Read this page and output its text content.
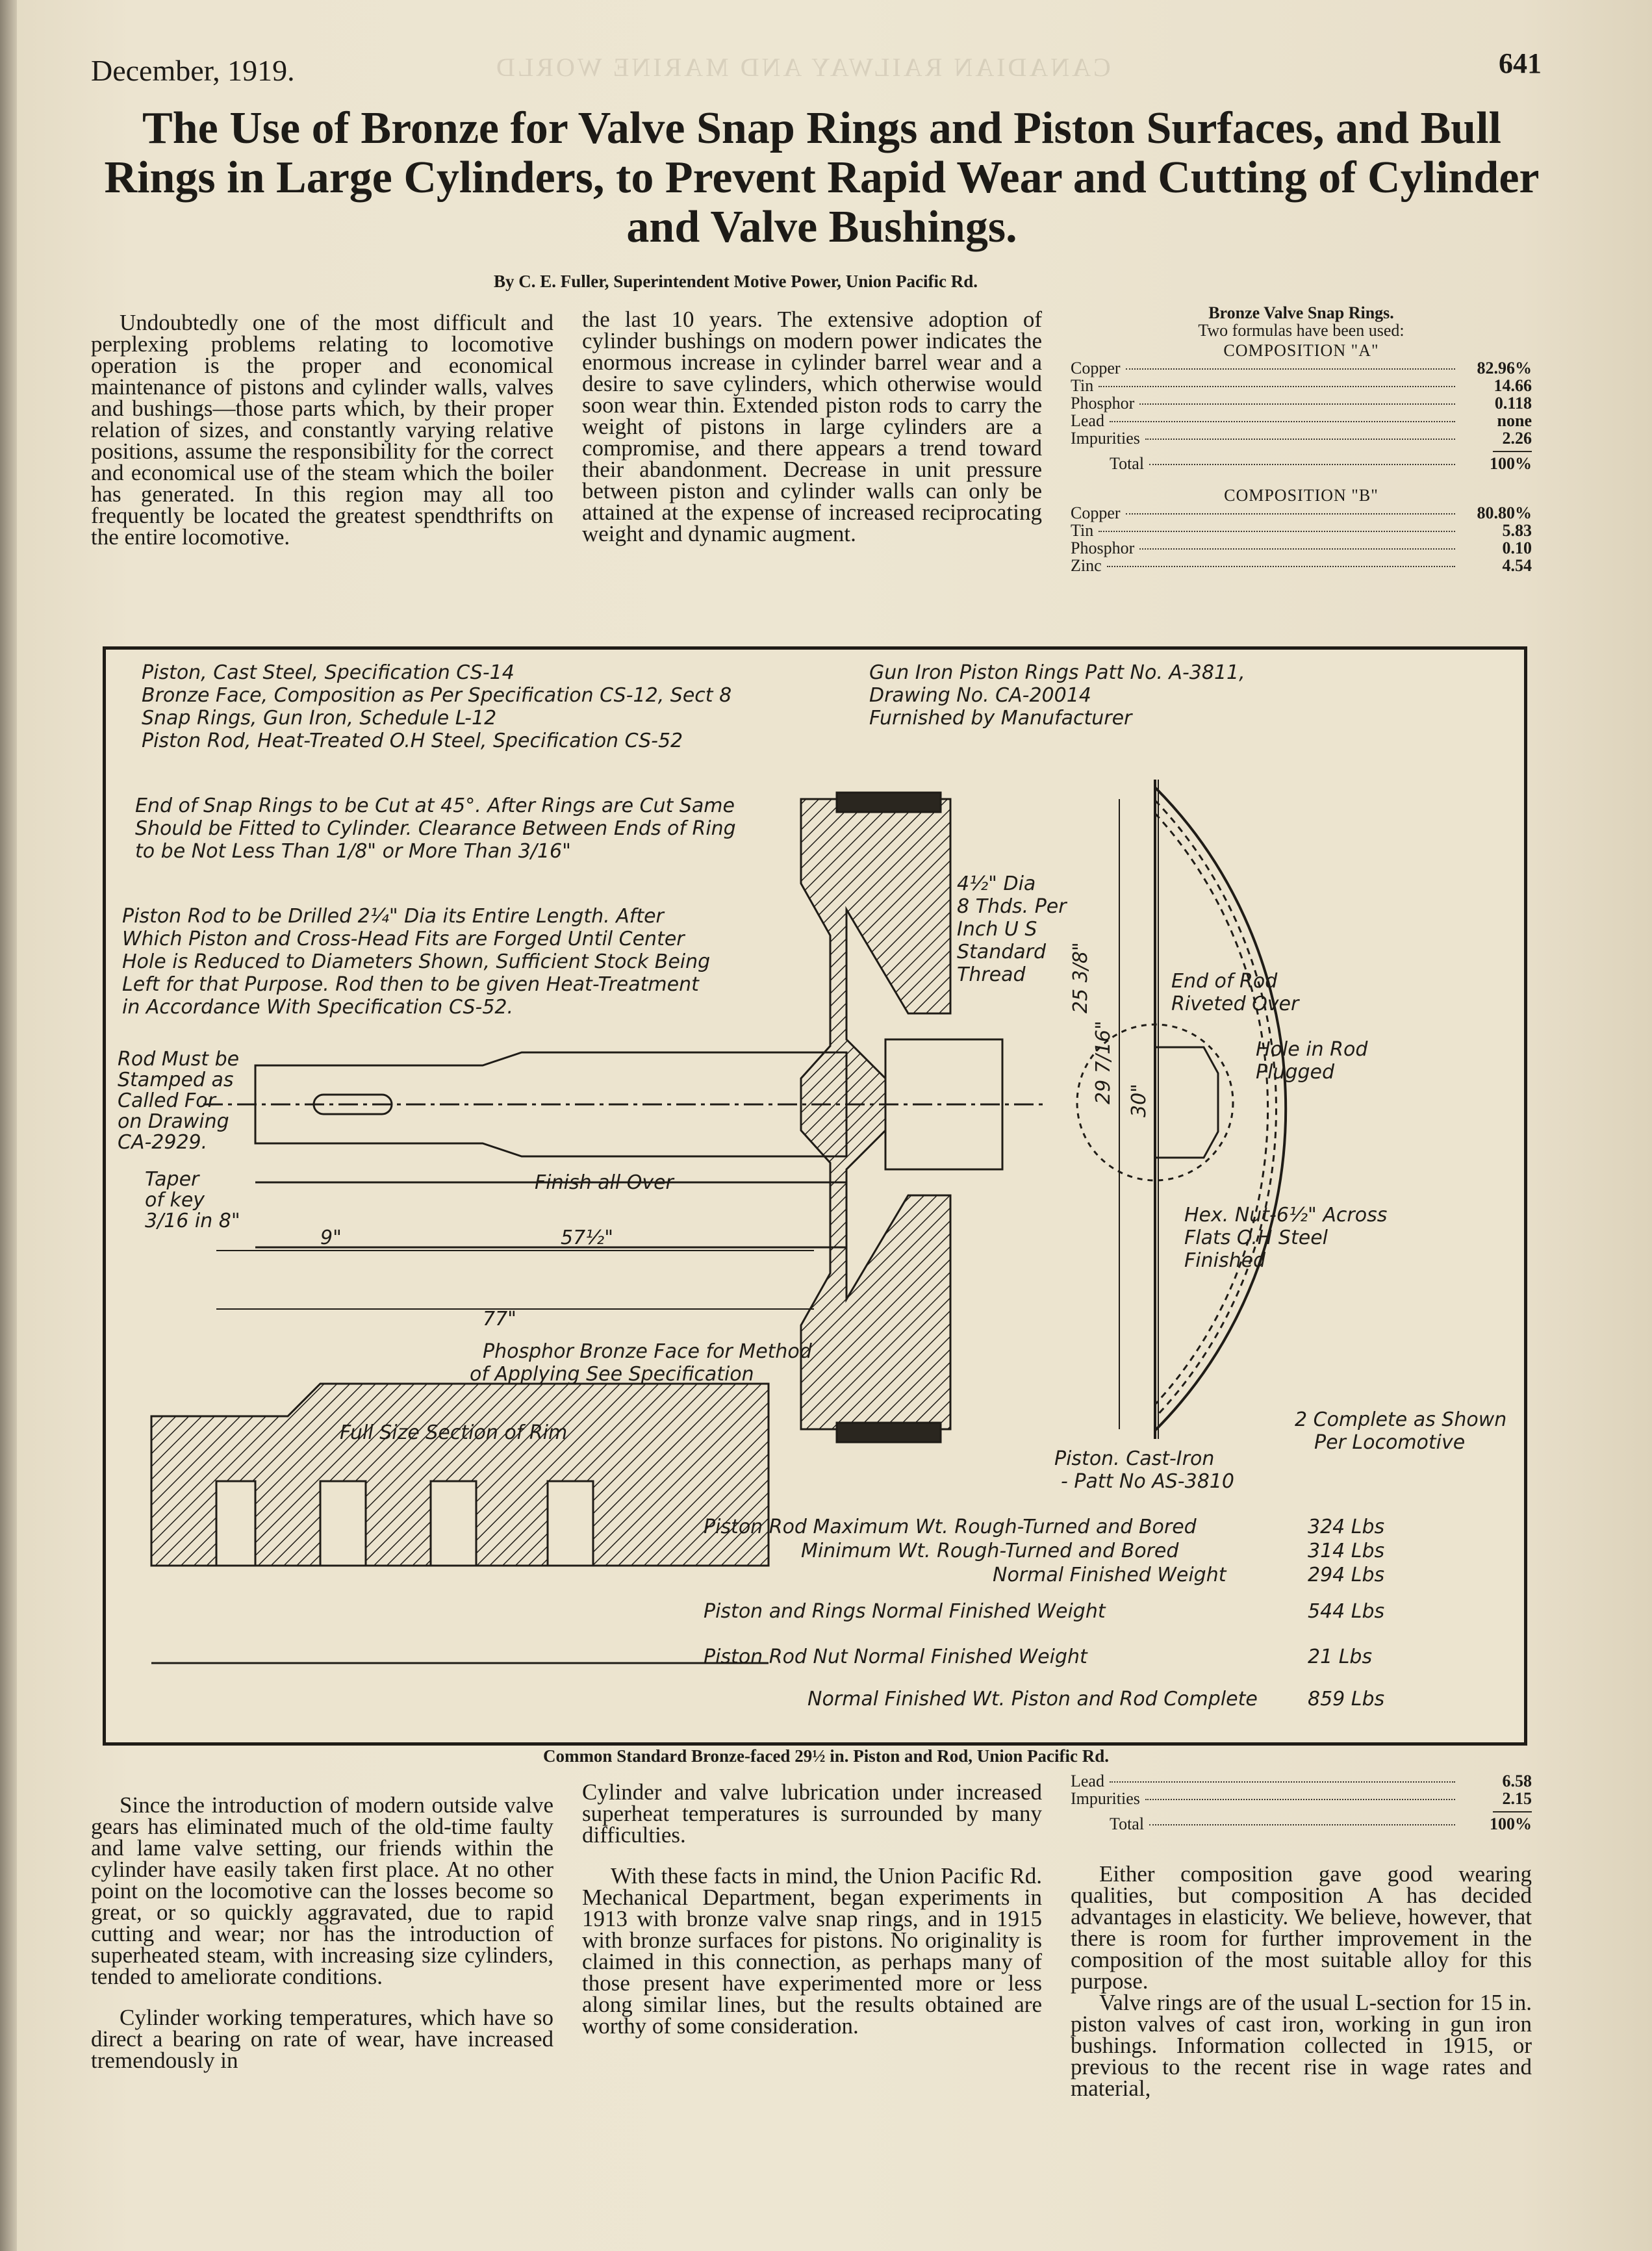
CANADIAN RAILWAY AND MARINE WORLD
December, 1919.	641
The Use of Bronze for Valve Snap Rings and Piston Surfaces, and Bull Rings in Large Cylinders, to Prevent Rapid Wear and Cutting of Cylinder and Valve Bushings.
By C. E. Fuller, Superintendent Motive Power, Union Pacific Rd.

Undoubtedly one of the most difficult and perplexing problems relating to locomotive operation is the proper and economical maintenance of pistons and cylinder walls, valves and bushings—those parts which, by their proper relation of sizes, and constantly varying relative positions, assume the responsibility for the correct and economical use of the steam which the boiler has generated. In this region may all too frequently be located the greatest spendthrifts on the entire locomotive.

the last 10 years. The extensive adoption of cylinder bushings on modern power indicates the enormous increase in cylinder barrel wear and a desire to save cylinders, which otherwise would soon wear thin. Extended piston rods to carry the weight of pistons in large cylinders are a compromise, and there appears a trend toward their abandonment. Decrease in unit pressure between piston and cylinder walls can only be attained at the expense of increased reciprocating weight and dynamic augment.

Bronze Valve Snap Rings.
Two formulas have been used:
COMPOSITION "A"
Copper	82.96%
Tin	14.66
Phosphor	0.118
Lead	none
Impurities	2.26
Total	100%
COMPOSITION "B"
Copper	80.80%
Tin	5.83
Phosphor	0.10
Zinc	4.54
Piston, Cast Steel, Specification CS-14
Bronze Face, Composition as Per Specification CS-12, Sect 8
Snap Rings, Gun Iron, Schedule L-12
Piston Rod, Heat-Treated O.H Steel, Specification CS-52
Gun Iron Piston Rings Patt No. A-3811,
Drawing No. CA-20014
Furnished by Manufacturer
End of Snap Rings to be Cut at 45°. After Rings are Cut Same
Should be Fitted to Cylinder. Clearance Between Ends of Ring
to be Not Less Than 1/8" or More Than 3/16"
Piston Rod to be Drilled 2¼" Dia its Entire Length. After
Which Piston and Cross-Head Fits are Forged Until Center
Hole is Reduced to Diameters Shown, Sufficient Stock Being
Left for that Purpose. Rod then to be given Heat-Treatment
in Accordance With Specification CS-52.
Rod Must be
Stamped as
Called For
on Drawing
CA-2929.
Taper
of key
3/16 in 8"
Finish all Over
4½" Dia
8 Thds. Per
Inch U S
Standard
Thread	End of Rod
Riveted Over
Hole in Rod
Plugged
Hex. Nut-6½" Across
Flats O.H Steel
Finished
Phosphor Bronze Face for Method
of Applying See Specification
Full Size Section of Rim
2 Complete as Shown
Per Locomotive
Piston. Cast-Iron
- Patt No AS-3810
77"
57½"
9"
30"
29 7/16"
25 3/8"
Piston Rod Maximum Wt. Rough-Turned and Bored	324 Lbs
Minimum Wt. Rough-Turned and Bored	314 Lbs
Normal Finished Weight	294 Lbs
Piston and Rings Normal Finished Weight	544 Lbs
Piston Rod Nut Normal Finished Weight	21 Lbs
Normal Finished Wt. Piston and Rod Complete	859 Lbs
Common Standard Bronze-faced 29½ in. Piston and Rod, Union Pacific Rd.

Since the introduction of modern outside valve gears has eliminated much of the old-time faulty and lame valve setting, our friends within the cylinder have easily taken first place. At no other point on the locomotive can the losses become so great, or so quickly aggravated, due to rapid cutting and wear; nor has the introduction of superheated steam, with increasing size cylinders, tended to ameliorate conditions.

Cylinder working temperatures, which have so direct a bearing on rate of wear, have increased tremendously in

Cylinder and valve lubrication under increased superheat temperatures is surrounded by many difficulties.

With these facts in mind, the Union Pacific Rd. Mechanical Department, began experiments in 1913 with bronze valve snap rings, and in 1915 with bronze surfaces for pistons. No originality is claimed in this connection, as perhaps many of those present have experimented more or less along similar lines, but the results obtained are worthy of some consideration.

Lead	6.58
Impurities	2.15
Total	100%

Either composition gave good wearing qualities, but composition A has decided advantages in elasticity. We believe, however, that there is room for further improvement in the composition of the most suitable alloy for this purpose.

Valve rings are of the usual L-section for 15 in. piston valves of cast iron, working in gun iron bushings. Information collected in 1915, or previous to the recent rise in wage rates and material,
